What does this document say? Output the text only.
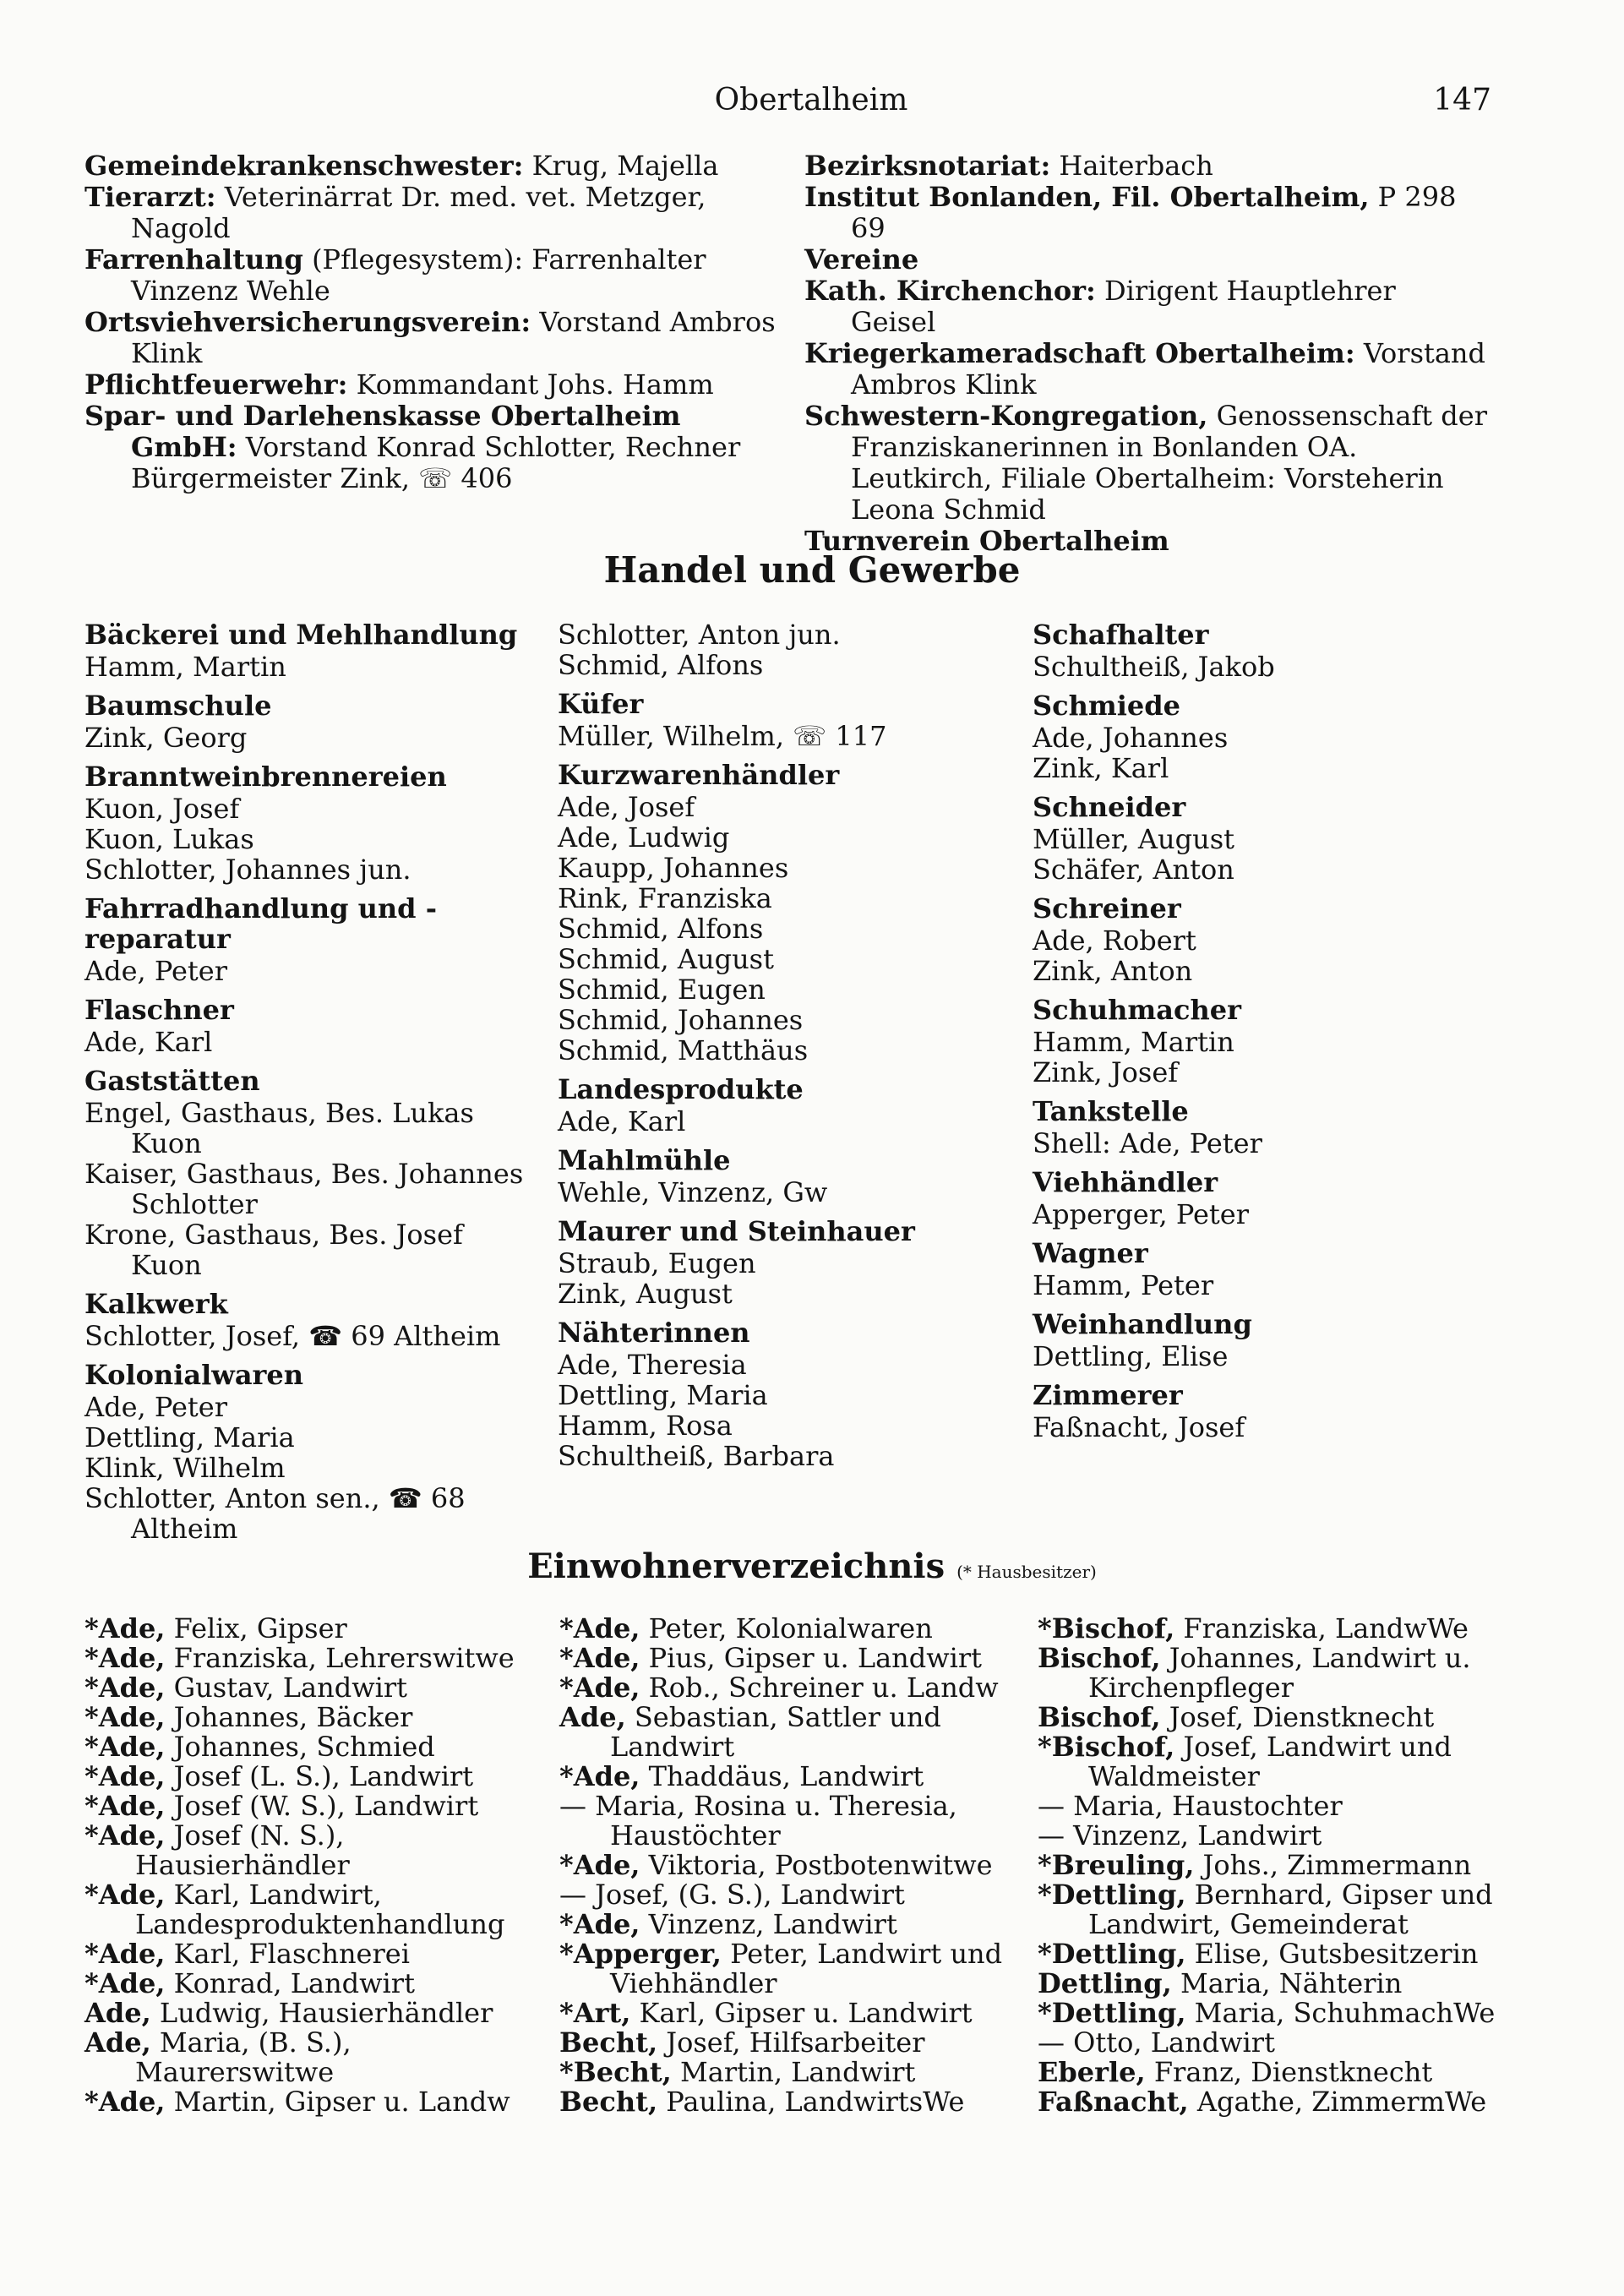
Obertalheim	147

Gemeindekrankenschwester: Krug, Majella

Tierarzt: Veterinärrat Dr. med. vet. Metzger, Nagold

Farrenhaltung (Pflegesystem): Farrenhalter Vinzenz Wehle

Ortsviehversicherungsverein: Vorstand Ambros Klink

Pflichtfeuerwehr: Kommandant Johs. Hamm

Spar- und Darlehenskasse Obertalheim GmbH: Vorstand Konrad Schlotter, Rechner Bürgermeister Zink, ☏ 406

Bezirksnotariat: Haiterbach

Institut Bonlanden, Fil. Obertalheim, P 298 69

Vereine

Kath. Kirchenchor: Dirigent Hauptlehrer Geisel

Kriegerkameradschaft Obertalheim: Vorstand Ambros Klink

Schwestern-Kongregation, Genossenschaft der Franziskanerinnen in Bonlanden OA. Leutkirch, Filiale Obertalheim: Vorsteherin Leona Schmid

Turnverein Obertalheim

Handel und Gewerbe
Bäckerei und Mehlhandlung
Hamm, Martin
Baumschule
Zink, Georg
Branntweinbrennereien
Kuon, Josef
Kuon, Lukas
Schlotter, Johannes jun.
Fahrradhandlung und -reparatur
Ade, Peter
Flaschner
Ade, Karl
Gaststätten
Engel, Gasthaus, Bes. Lukas Kuon
Kaiser, Gasthaus, Bes. Johannes Schlotter
Krone, Gasthaus, Bes. Josef Kuon
Kalkwerk
Schlotter, Josef, ☎ 69 Altheim
Kolonialwaren
Ade, Peter
Dettling, Maria
Klink, Wilhelm
Schlotter, Anton sen., ☎ 68 Altheim
Schlotter, Anton jun.
Schmid, Alfons
Küfer
Müller, Wilhelm, ☏ 117
Kurzwarenhändler
Ade, Josef
Ade, Ludwig
Kaupp, Johannes
Rink, Franziska
Schmid, Alfons
Schmid, August
Schmid, Eugen
Schmid, Johannes
Schmid, Matthäus
Landesprodukte
Ade, Karl
Mahlmühle
Wehle, Vinzenz, Gw
Maurer und Steinhauer
Straub, Eugen
Zink, August
Nähterinnen
Ade, Theresia
Dettling, Maria
Hamm, Rosa
Schultheiß, Barbara
Schafhalter
Schultheiß, Jakob
Schmiede
Ade, Johannes
Zink, Karl
Schneider
Müller, August
Schäfer, Anton
Schreiner
Ade, Robert
Zink, Anton
Schuhmacher
Hamm, Martin
Zink, Josef
Tankstelle
Shell: Ade, Peter
Viehhändler
Apperger, Peter
Wagner
Hamm, Peter
Weinhandlung
Dettling, Elise
Zimmerer
Faßnacht, Josef
Einwohnerverzeichnis (* Hausbesitzer)
*Ade, Felix, Gipser
*Ade, Franziska, Lehrerswitwe
*Ade, Gustav, Landwirt
*Ade, Johannes, Bäcker
*Ade, Johannes, Schmied
*Ade, Josef (L. S.), Landwirt
*Ade, Josef (W. S.), Landwirt
*Ade, Josef (N. S.), Hausierhändler
*Ade, Karl, Landwirt, Landesproduktenhandlung
*Ade, Karl, Flaschnerei
*Ade, Konrad, Landwirt
Ade, Ludwig, Hausierhändler
Ade, Maria, (B. S.), Maurerswitwe
*Ade, Martin, Gipser u. Landw
*Ade, Peter, Kolonialwaren
*Ade, Pius, Gipser u. Landwirt
*Ade, Rob., Schreiner u. Landw
Ade, Sebastian, Sattler und Landwirt
*Ade, Thaddäus, Landwirt
— Maria, Rosina u. Theresia, Haustöchter
*Ade, Viktoria, Postbotenwitwe
— Josef, (G. S.), Landwirt
*Ade, Vinzenz, Landwirt
*Apperger, Peter, Landwirt und Viehhändler
*Art, Karl, Gipser u. Landwirt
Becht, Josef, Hilfsarbeiter
*Becht, Martin, Landwirt
Becht, Paulina, LandwirtsWe
*Bischof, Franziska, LandwWe
Bischof, Johannes, Landwirt u. Kirchenpfleger
Bischof, Josef, Dienstknecht
*Bischof, Josef, Landwirt und Waldmeister
— Maria, Haustochter
— Vinzenz, Landwirt
*Breuling, Johs., Zimmermann
*Dettling, Bernhard, Gipser und Landwirt, Gemeinderat
*Dettling, Elise, Gutsbesitzerin
Dettling, Maria, Nähterin
*Dettling, Maria, SchuhmachWe
— Otto, Landwirt
Eberle, Franz, Dienstknecht
Faßnacht, Agathe, ZimmermWe
